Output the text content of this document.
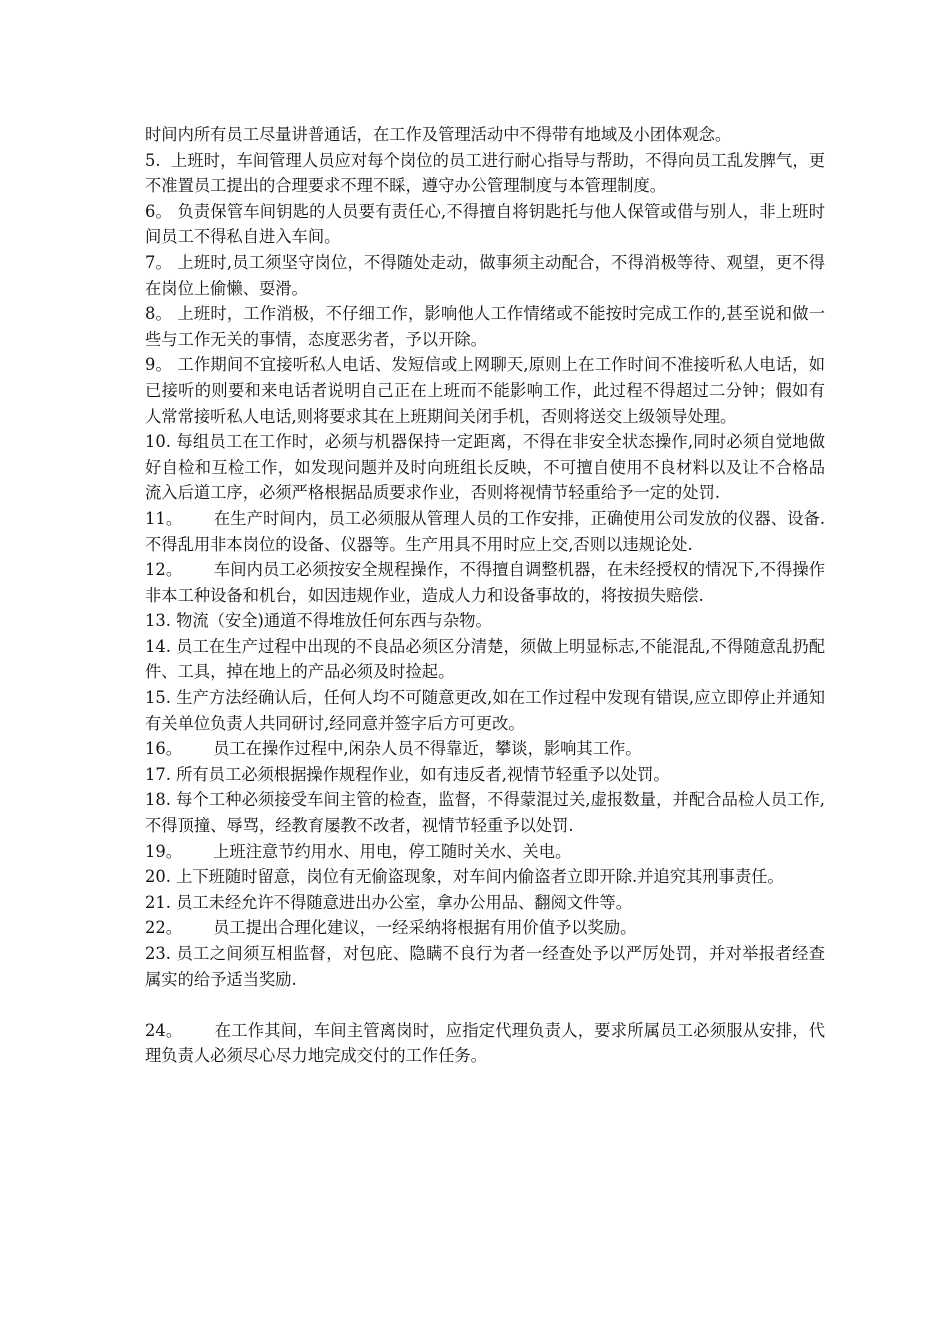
时间内所有员工尽量讲普通话，在工作及管理活动中不得带有地域及小团体观念。

5. 上班时，车间管理人员应对每个岗位的员工进行耐心指导与帮助，不得向员工乱发脾气，更不准置员工提出的合理要求不理不睬，遵守办公管理制度与本管理制度。

6。 负责保管车间钥匙的人员要有责任心,不得擅自将钥匙托与他人保管或借与别人，非上班时间员工不得私自进入车间。

7。 上班时,员工须坚守岗位，不得随处走动，做事须主动配合，不得消极等待、观望，更不得在岗位上偷懒、耍滑。

8。 上班时，工作消极，不仔细工作，影响他人工作情绪或不能按时完成工作的,甚至说和做一些与工作无关的事情，态度恶劣者，予以开除。

9。 工作期间不宜接听私人电话、发短信或上网聊天,原则上在工作时间不准接听私人电话，如已接听的则要和来电话者说明自己正在上班而不能影响工作，此过程不得超过二分钟；假如有人常常接听私人电话,则将要求其在上班期间关闭手机，否则将送交上级领导处理。

10. 每组员工在工作时，必须与机器保持一定距离，不得在非安全状态操作,同时必须自觉地做好自检和互检工作，如发现问题并及时向班组长反映，不可擅自使用不良材料以及让不合格品流入后道工序，必须严格根据品质要求作业，否则将视情节轻重给予一定的处罚.

11。 在生产时间内，员工必须服从管理人员的工作安排，正确使用公司发放的仪器、设备.不得乱用非本岗位的设备、仪器等。生产用具不用时应上交,否则以违规论处.

12。 车间内员工必须按安全规程操作，不得擅自调整机器，在未经授权的情况下,不得操作非本工种设备和机台，如因违规作业，造成人力和设备事故的，将按损失赔偿.

13. 物流（安全)通道不得堆放任何东西与杂物。

14. 员工在生产过程中出现的不良品必须区分清楚，须做上明显标志,不能混乱,不得随意乱扔配件、工具，掉在地上的产品必须及时捡起。

15. 生产方法经确认后，任何人均不可随意更改,如在工作过程中发现有错误,应立即停止并通知有关单位负责人共同研讨,经同意并签字后方可更改。

16。 员工在操作过程中,闲杂人员不得靠近，攀谈，影响其工作。

17. 所有员工必须根据操作规程作业，如有违反者,视情节轻重予以处罚。

18. 每个工种必须接受车间主管的检查，监督，不得蒙混过关,虚报数量，并配合品检人员工作,不得顶撞、辱骂，经教育屡教不改者，视情节轻重予以处罚.

19。 上班注意节约用水、用电，停工随时关水、关电。

20. 上下班随时留意，岗位有无偷盗现象，对车间内偷盗者立即开除.并追究其刑事责任。

21. 员工未经允许不得随意进出办公室，拿办公用品、翻阅文件等。

22。 员工提出合理化建议，一经采纳将根据有用价值予以奖励。

23. 员工之间须互相监督，对包庇、隐瞒不良行为者一经查处予以严厉处罚，并对举报者经查属实的给予适当奖励.

24。 在工作其间，车间主管离岗时，应指定代理负责人，要求所属员工必须服从安排，代理负责人必须尽心尽力地完成交付的工作任务。
